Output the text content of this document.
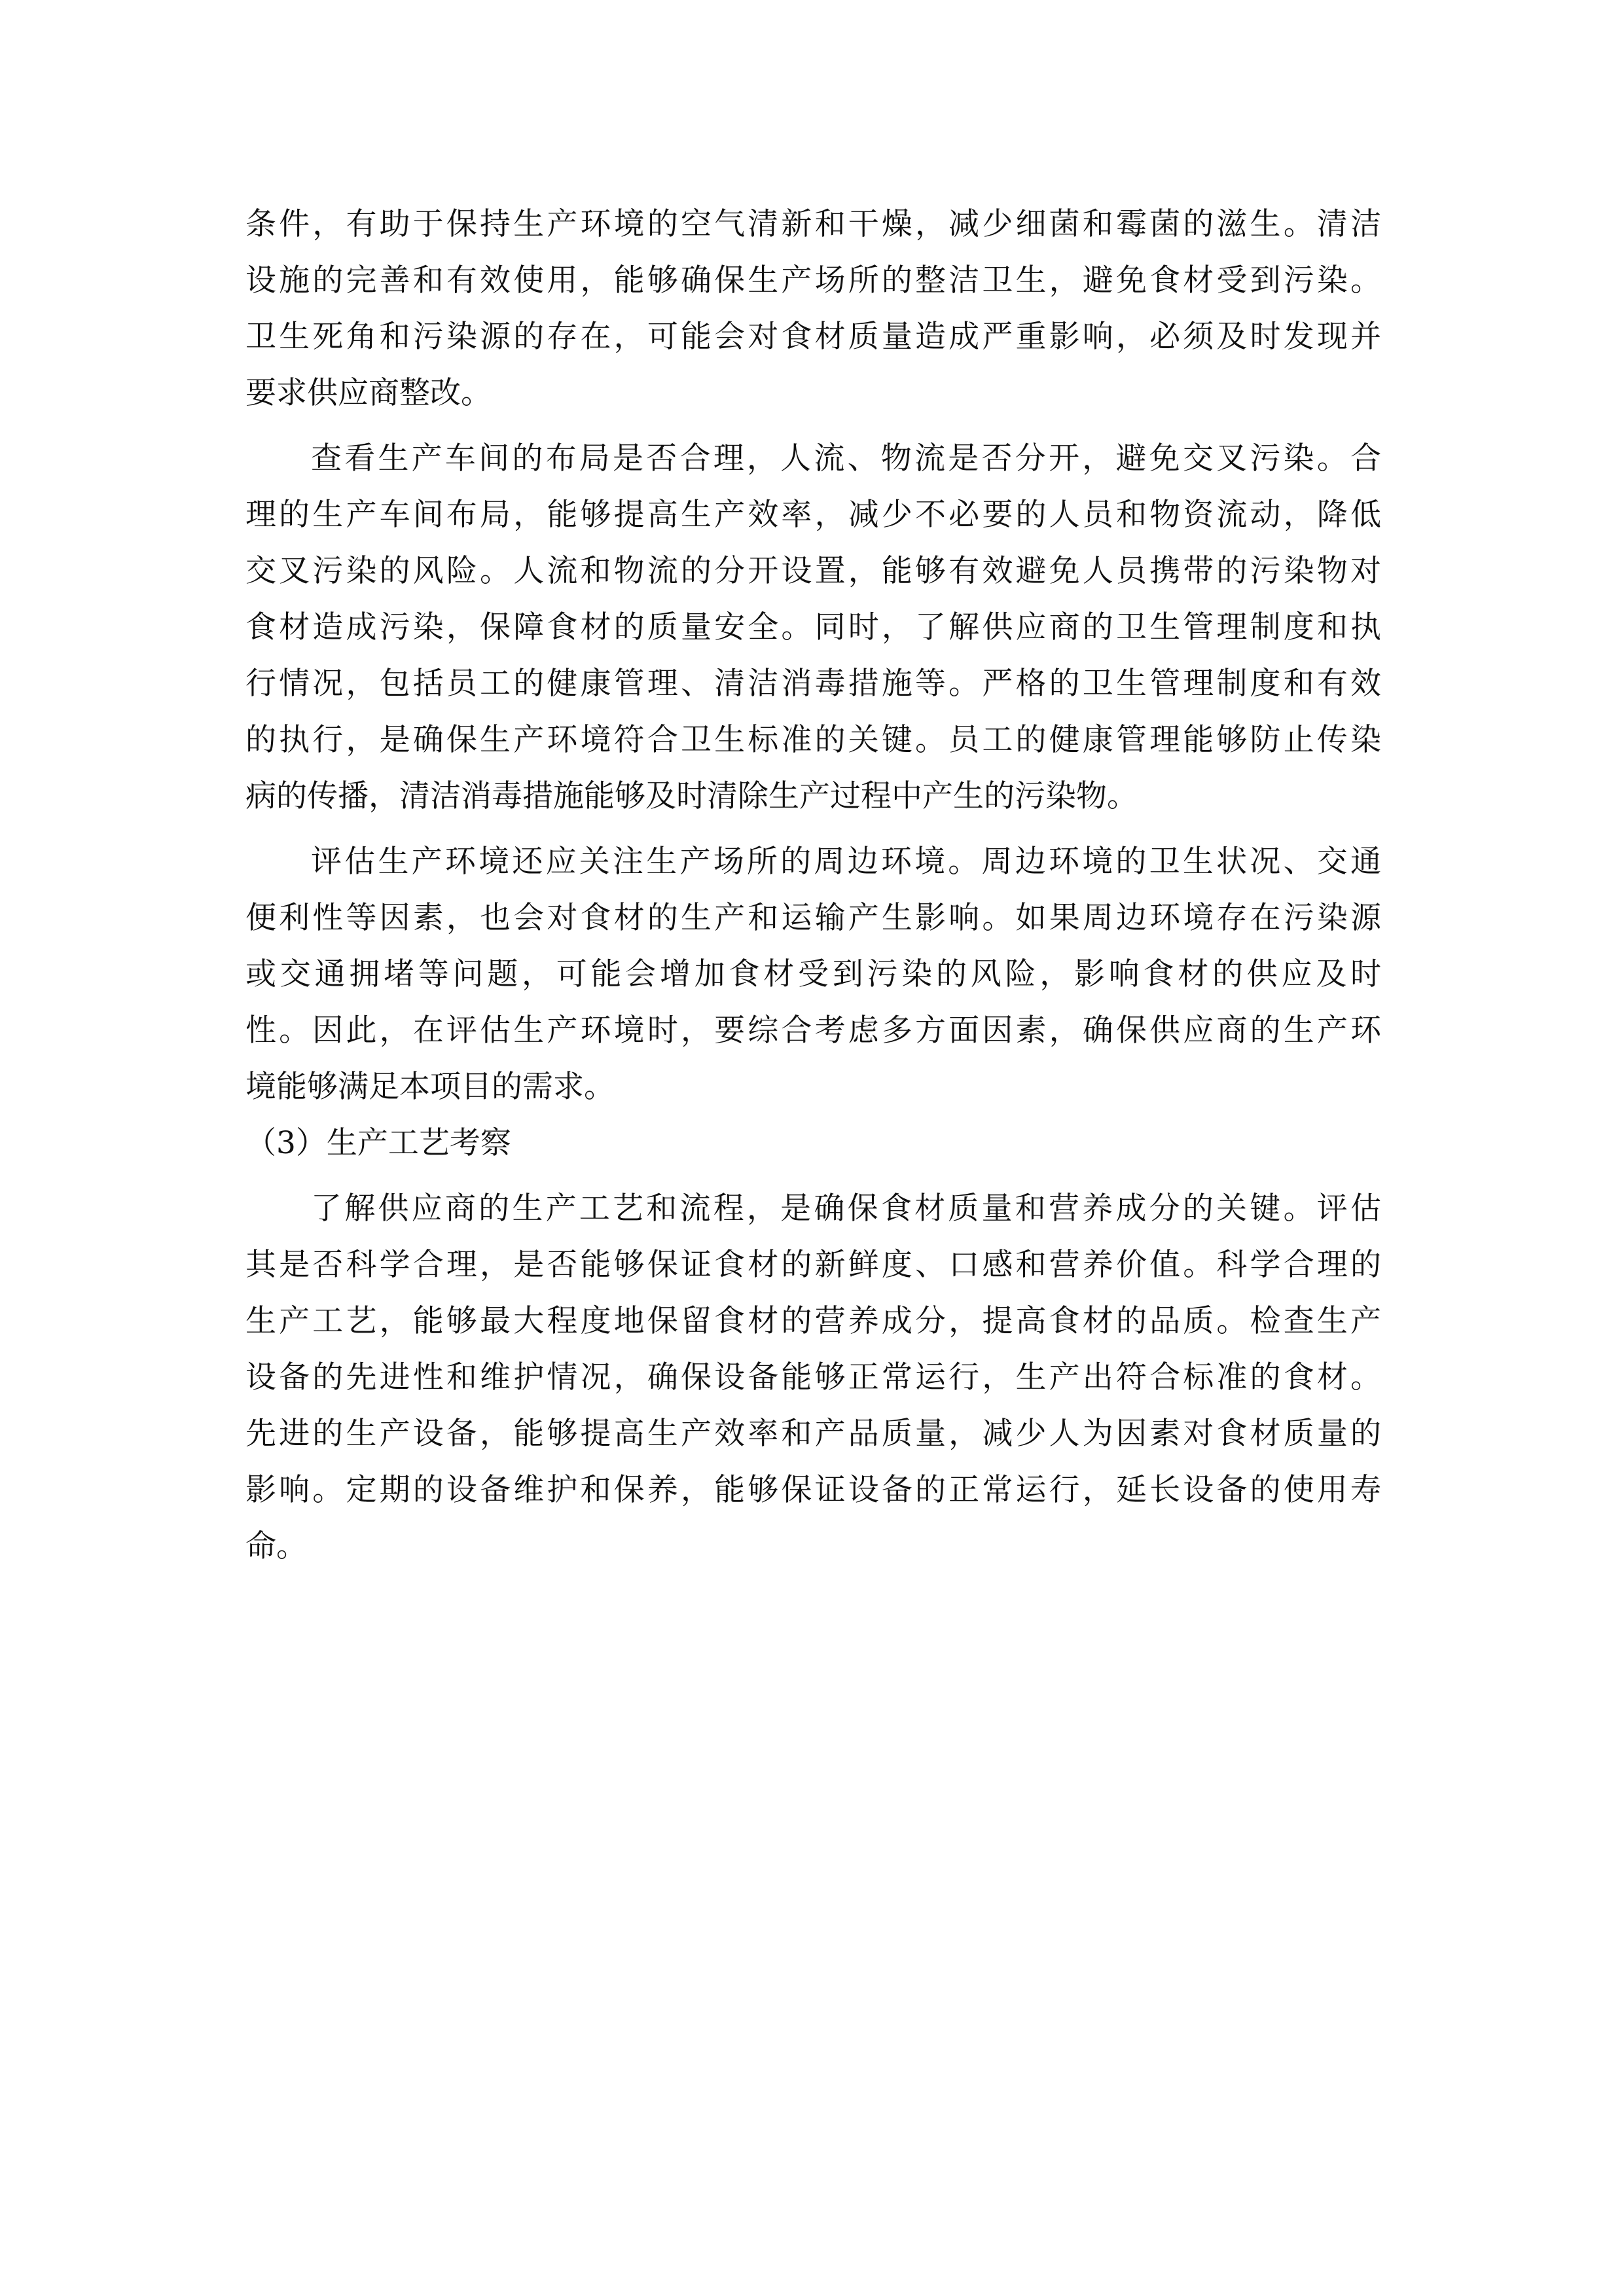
条件，有助于保持生产环境的空气清新和干燥，减少细菌和霉菌的滋生。清洁
设施的完善和有效使用，能够确保生产场所的整洁卫生，避免食材受到污染。
卫生死角和污染源的存在，可能会对食材质量造成严重影响，必须及时发现并
要求供应商整改。
查看生产车间的布局是否合理，人流、物流是否分开，避免交叉污染。合
理的生产车间布局，能够提高生产效率，减少不必要的人员和物资流动，降低
交叉污染的风险。人流和物流的分开设置，能够有效避免人员携带的污染物对
食材造成污染，保障食材的质量安全。同时，了解供应商的卫生管理制度和执
行情况，包括员工的健康管理、清洁消毒措施等。严格的卫生管理制度和有效
的执行，是确保生产环境符合卫生标准的关键。员工的健康管理能够防止传染
病的传播，清洁消毒措施能够及时清除生产过程中产生的污染物。
评估生产环境还应关注生产场所的周边环境。周边环境的卫生状况、交通
便利性等因素，也会对食材的生产和运输产生影响。如果周边环境存在污染源
或交通拥堵等问题，可能会增加食材受到污染的风险，影响食材的供应及时
性。因此，在评估生产环境时，要综合考虑多方面因素，确保供应商的生产环
境能够满足本项目的需求。
（3）生产工艺考察
了解供应商的生产工艺和流程，是确保食材质量和营养成分的关键。评估
其是否科学合理，是否能够保证食材的新鲜度、口感和营养价值。科学合理的
生产工艺，能够最大程度地保留食材的营养成分，提高食材的品质。检查生产
设备的先进性和维护情况，确保设备能够正常运行，生产出符合标准的食材。
先进的生产设备，能够提高生产效率和产品质量，减少人为因素对食材质量的
影响。定期的设备维护和保养，能够保证设备的正常运行，延长设备的使用寿
命。
